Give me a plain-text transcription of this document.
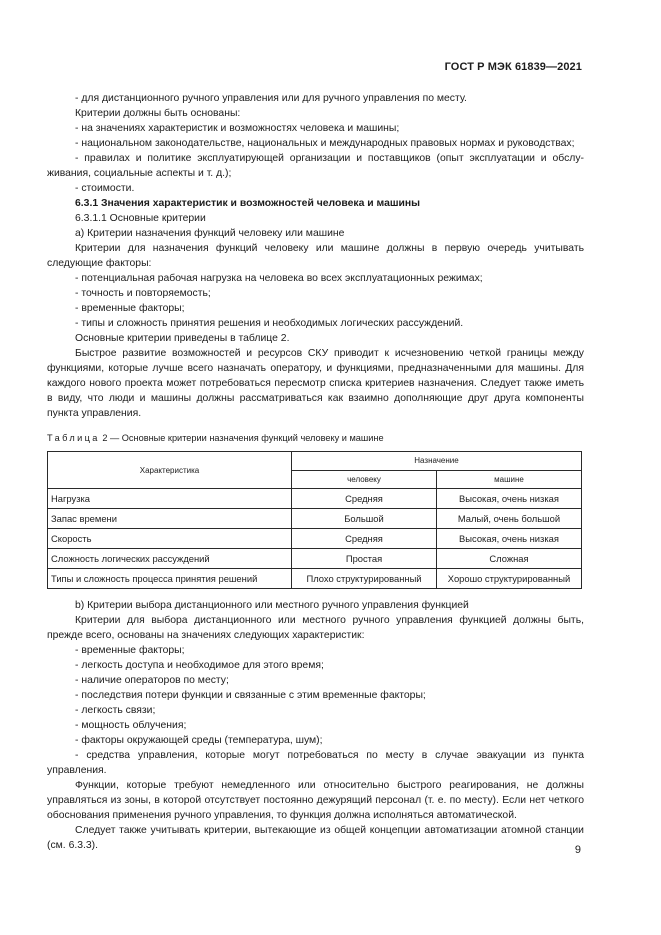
ГОСТ Р МЭК 61839—2021

- для дистанционного ручного управления или для ручного управления по месту.

Критерии должны быть основаны:

- на значениях характеристик и возможностях человека и машины;

- национальном законодательстве, национальных и международных правовых нормах и руководствах;

- правилах и политике эксплуатирующей организации и поставщиков (опыт эксплуатации и обслуживания, социальные аспекты и т. д.);

- стоимости.

6.3.1 Значения характеристик и возможностей человека и машины

6.3.1.1 Основные критерии

а) Критерии назначения функций человеку или машине

Критерии для назначения функций человеку или машине должны в первую очередь учитывать следующие факторы:

- потенциальная рабочая нагрузка на человека во всех эксплуатационных режимах;

- точность и повторяемость;

- временные факторы;

- типы и сложность принятия решения и необходимых логических рассуждений.

Основные критерии приведены в таблице 2.

Быстрое развитие возможностей и ресурсов СКУ приводит к исчезновению четкой границы между функциями, которые лучше всего назначать оператору, и функциями, предназначенными для машины. Для каждого нового проекта может потребоваться пересмотр списка критериев назначения. Следует также иметь в виду, что люди и машины должны рассматриваться как взаимно дополняющие друг друга компоненты пункта управления.

Таблица 2 — Основные критерии назначения функций человеку и машине

Характеристика	Назначение	
	человеку	машине
Нагрузка	Средняя	Высокая, очень низкая
Запас времени	Большой	Малый, очень большой
Скорость	Средняя	Высокая, очень низкая
Сложность логических рассуждений	Простая	Сложная
Типы и сложность процесса принятия решений	Плохо структурированный	Хорошо структурированный

b) Критерии выбора дистанционного или местного ручного управления функцией

Критерии для выбора дистанционного или местного ручного управления функцией должны быть, прежде всего, основаны на значениях следующих характеристик:

- временные факторы;

- легкость доступа и необходимое для этого время;

- наличие операторов по месту;

- последствия потери функции и связанные с этим временные факторы;

- легкость связи;

- мощность облучения;

- факторы окружающей среды (температура, шум);

- средства управления, которые могут потребоваться по месту в случае эвакуации из пункта управления.

Функции, которые требуют немедленного или относительно быстрого реагирования, не должны управляться из зоны, в которой отсутствует постоянно дежурящий персонал (т. е. по месту). Если нет четкого обоснования применения ручного управления, то функция должна исполняться автоматической.

Следует также учитывать критерии, вытекающие из общей концепции автоматизации атомной станции (см. 6.3.3).	9
